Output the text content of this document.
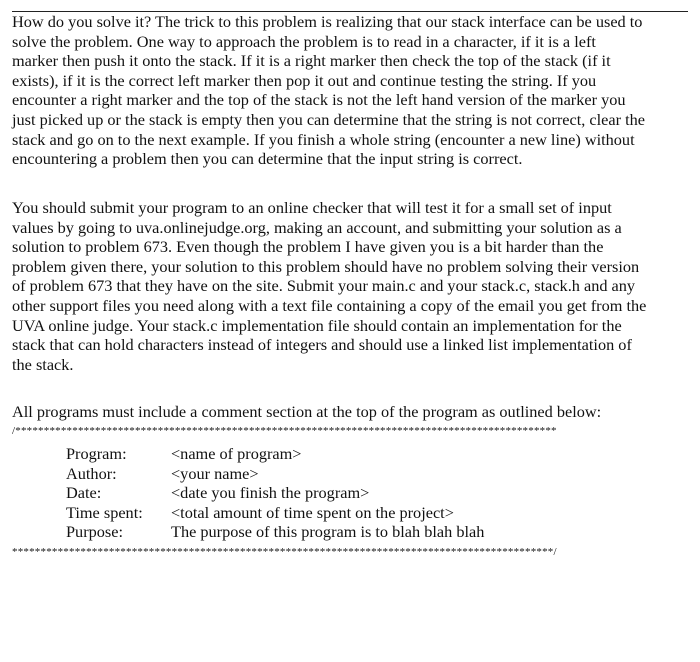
How do you solve it? The trick to this problem is realizing that our stack interface can be used to
solve the problem. One way to approach the problem is to read in a character, if it is a left
marker then push it onto the stack. If it is a right marker then check the top of the stack (if it
exists), if it is the correct left marker then pop it out and continue testing the string. If you
encounter a right marker and the top of the stack is not the left hand version of the marker you
just picked up or the stack is empty then you can determine that the string is not correct, clear the
stack and go on to the next example. If you finish a whole string (encounter a new line) without
encountering a problem then you can determine that the input string is correct.
You should submit your program to an online checker that will test it for a small set of input
values by going to uva.onlinejudge.org, making an account, and submitting your solution as a
solution to problem 673. Even though the problem I have given you is a bit harder than the
problem given there, your solution to this problem should have no problem solving their version
of problem 673 that they have on the site. Submit your main.c and your stack.c, stack.h and any
other support files you need along with a text file containing a copy of the email you get from the
UVA online judge. Your stack.c implementation file should contain an implementation for the
stack that can hold characters instead of integers and should use a linked list implementation of
the stack.
All programs must include a comment section at the top of the program as outlined below:
/***********************************************************************************************
Program:	<name of program>
Author:	<your name>
Date:	<date you finish the program>
Time spent:	<total amount of time spent on the project>
Purpose:	The purpose of this program is to blah blah blah
***********************************************************************************************/
